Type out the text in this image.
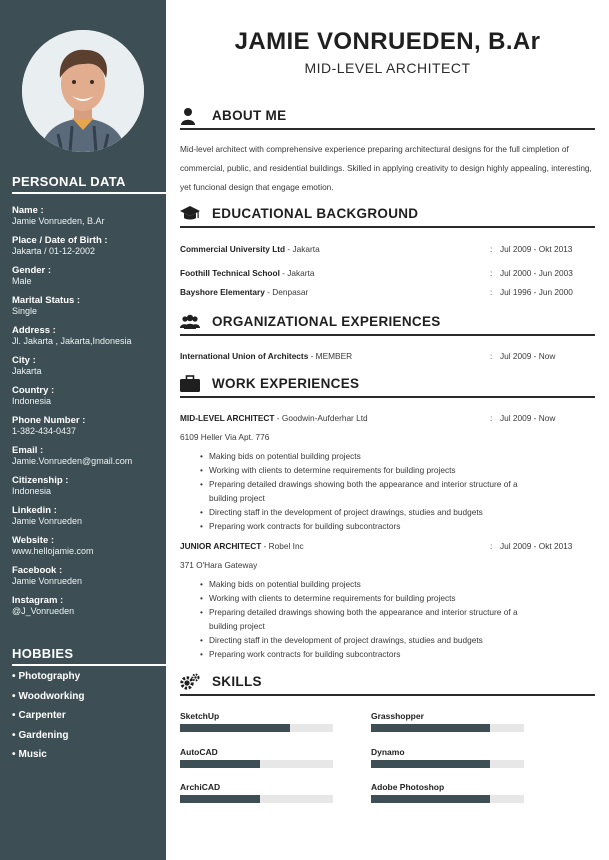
PERSONAL DATA
Name :
Jamie Vonrueden, B.Ar
Place / Date of Birth :
Jakarta / 01-12-2002
Gender :
Male
Marital Status :
Single
Address :
Jl. Jakarta , Jakarta,Indonesia
City :
Jakarta
Country :
Indonesia
Phone Number :
1-382-434-0437
Email :
Jamie.Vonrueden@gmail.com
Citizenship :
Indonesia
Linkedin :
Jamie Vonrueden
Website :
www.hellojamie.com
Facebook :
Jamie Vonrueden
Instagram :
@J_Vonrueden
HOBBIES
• Photography
• Woodworking
• Carpenter
• Gardening
• Music
JAMIE VONRUEDEN, B.Ar
MID-LEVEL ARCHITECT
ABOUT ME
Mid-level architect with comprehensive experience preparing architectural designs for the full cimpletion of commercial, public, and residential buildings. Skilled in applying creativity to design highly appealing, interesting, yet funcional design that engage emotion.
EDUCATIONAL BACKGROUND
Commercial University Ltd - Jakarta	: Jul 2009 - Okt 2013
Foothill Technical School - Jakarta	: Jul 2000 - Jun 2003
Bayshore Elementary - Denpasar	: Jul 1996 - Jun 2000
ORGANIZATIONAL EXPERIENCES
International Union of Architects - MEMBER	: Jul 2009 - Now
WORK EXPERIENCES
MID-LEVEL ARCHITECT - Goodwin-Aufderhar Ltd	: Jul 2009 - Now
6109 Heller Via Apt. 776
• Making bids on potential building projects
• Working with clients to determine requirements for building projects
• Preparing detailed drawings showing both the appearance and interior structure of a building project
• Directing staff in the development of project drawings, studies and budgets
• Preparing work contracts for building subcontractors
JUNIOR ARCHITECT - Robel Inc	: Jul 2009 - Okt 2013
371 O'Hara Gateway
• Making bids on potential building projects
• Working with clients to determine requirements for building projects
• Preparing detailed drawings showing both the appearance and interior structure of a building project
• Directing staff in the development of project drawings, studies and budgets
• Preparing work contracts for building subcontractors
SKILLS
SketchUp	Grasshopper
AutoCAD	Dynamo
ArchiCAD	Adobe Photoshop
